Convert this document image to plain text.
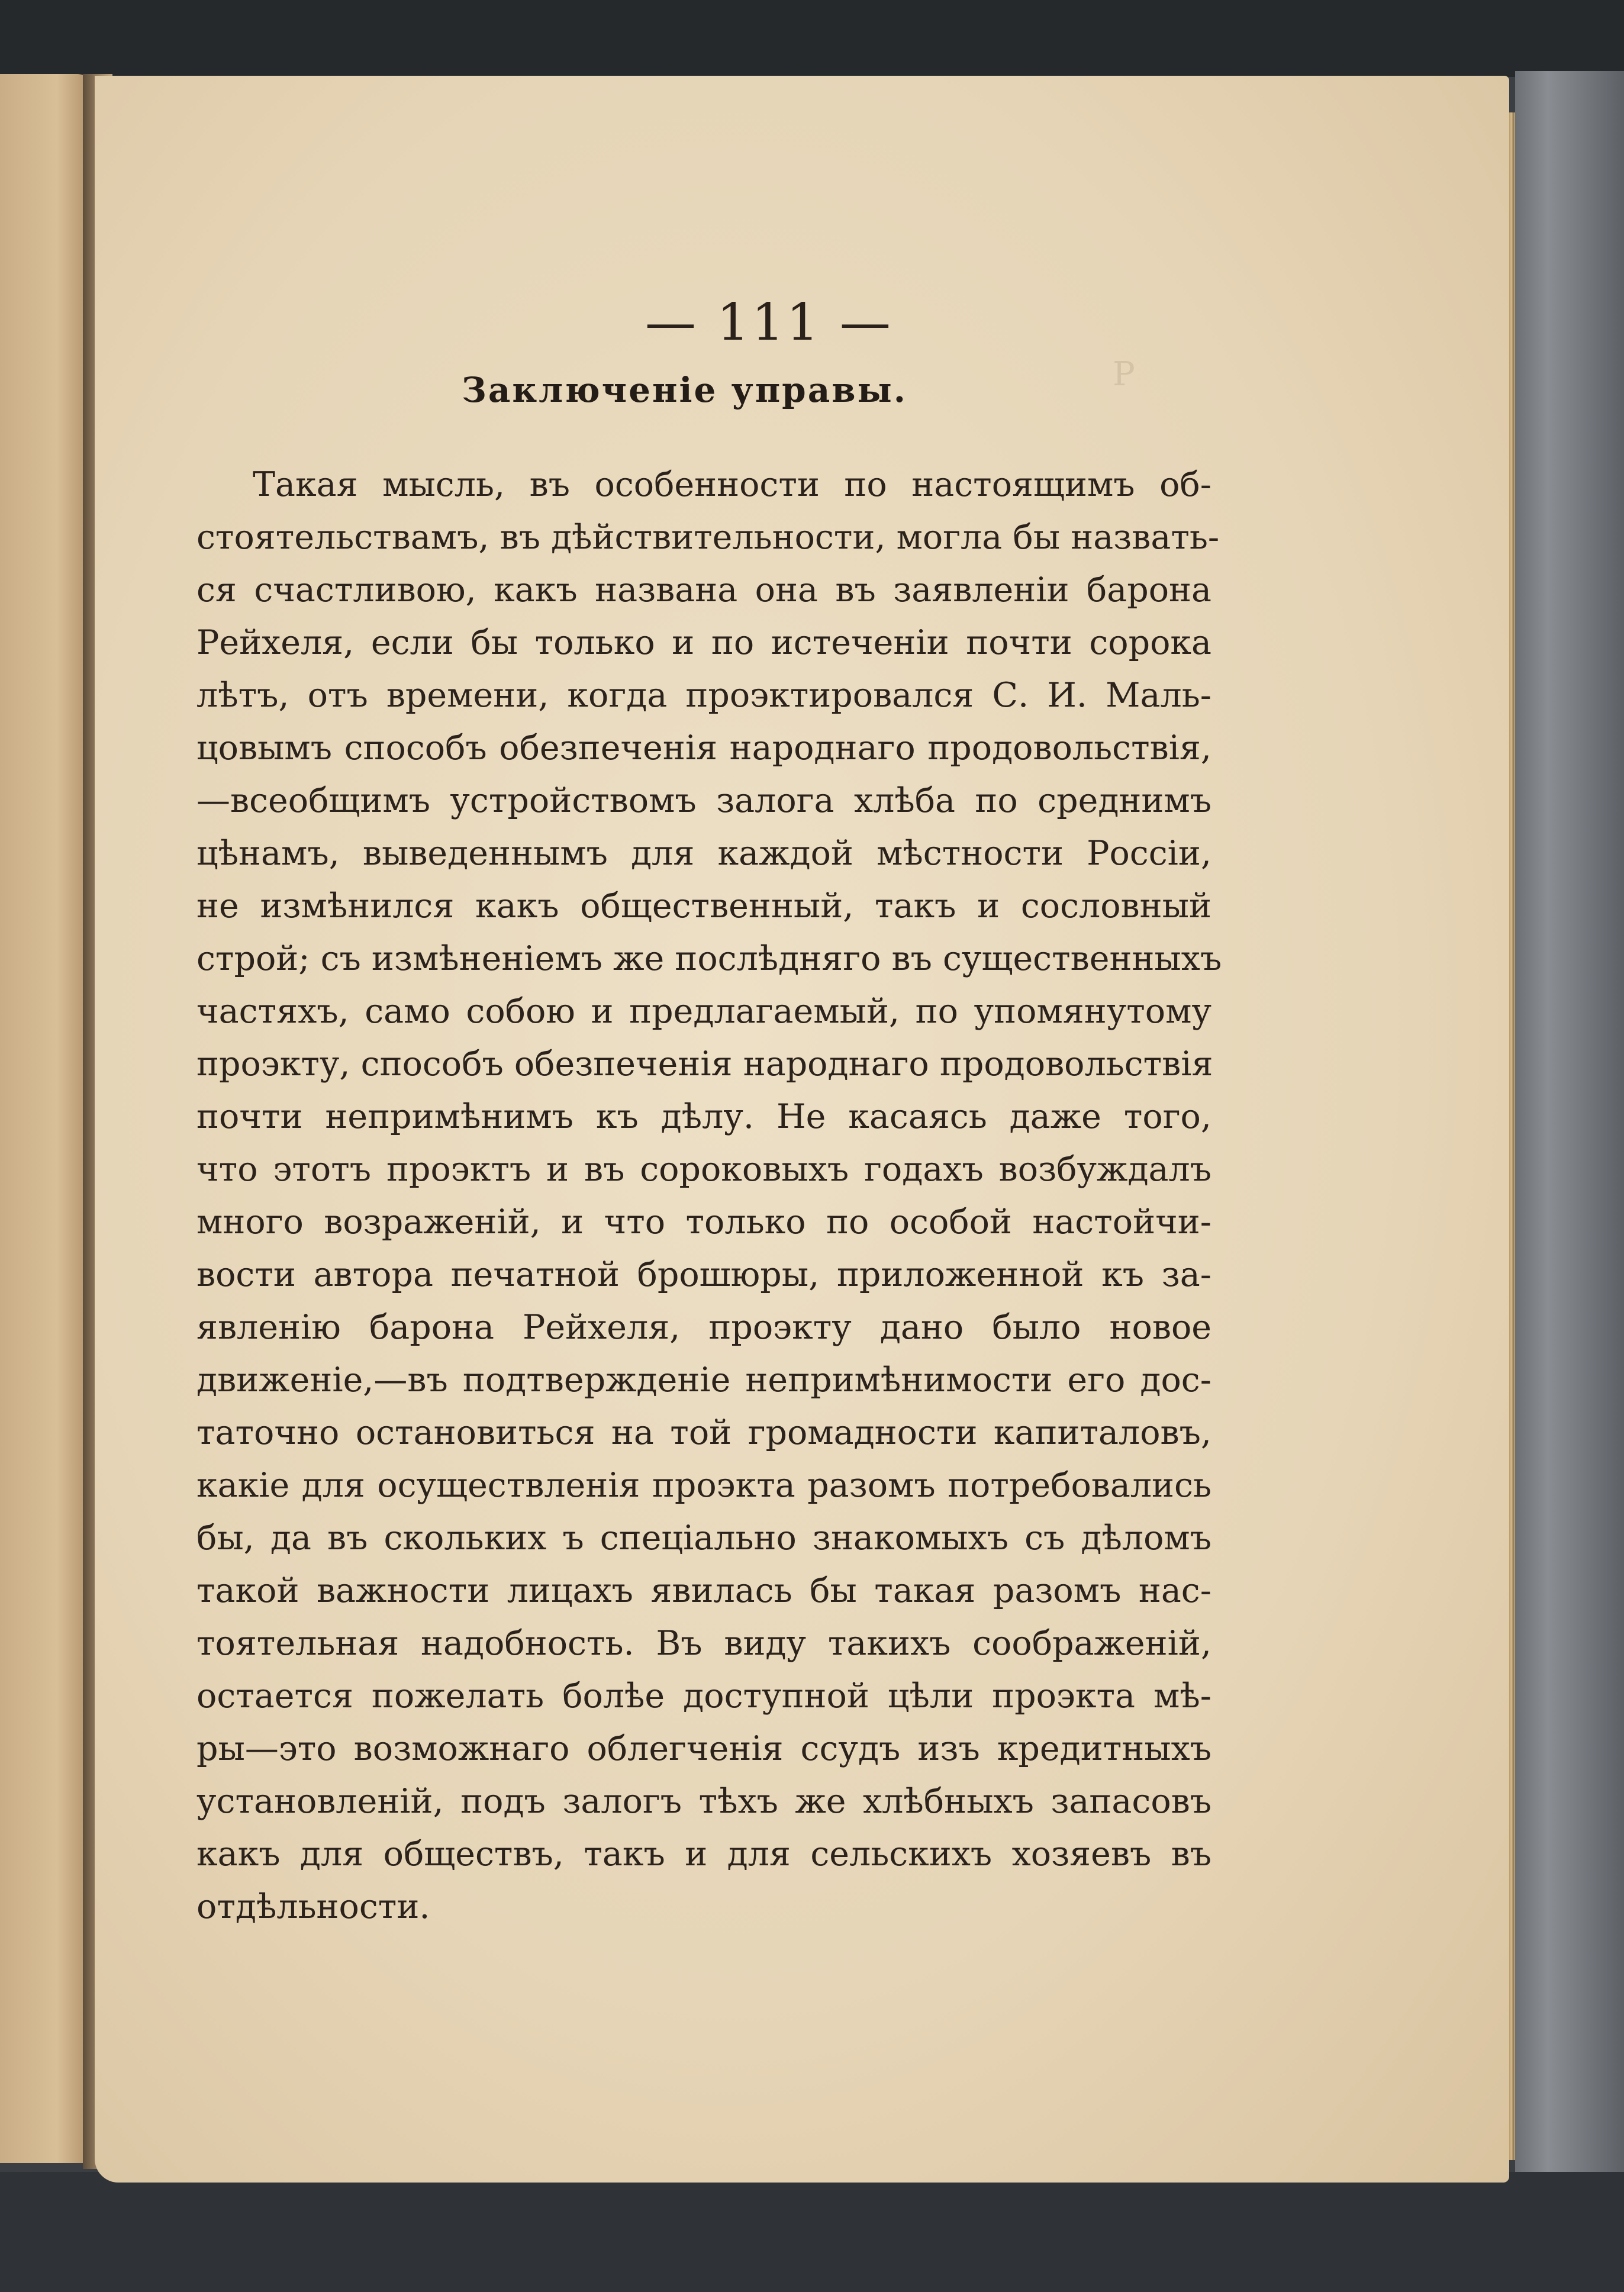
ꟼ
— 111 —
Заключеніе управы.
Такая мысль, въ особенности по настоящимъ об-
стоятельствамъ, въ дѣйствительности, могла бы назвать-
ся счастливою, какъ названа она въ заявленіи барона
Рейхеля, если бы только и по истеченіи почти сорока
лѣтъ, отъ времени, когда проэктировался С. И. Маль-
цовымъ способъ обезпеченія народнаго продовольствія,
—всеобщимъ устройствомъ залога хлѣба по среднимъ
цѣнамъ, выведеннымъ для каждой мѣстности Россіи,
не измѣнился какъ общественный, такъ и сословный
строй; съ измѣненіемъ же послѣдняго въ существенныхъ
частяхъ, само собою и предлагаемый, по упомянутому
проэкту, способъ обезпеченія народнаго продовольствія
почти непримѣнимъ къ дѣлу. Не касаясь даже того,
что этотъ проэктъ и въ сороковыхъ годахъ возбуждалъ
много возраженій, и что только по особой настойчи-
вости автора печатной брошюры, приложенной къ за-
явленію барона Рейхеля, проэкту дано было новое
движеніе,—въ подтвержденіе непримѣнимости его дос-
таточно остановиться на той громадности капиталовъ,
какіе для осуществленія проэкта разомъ потребовались
бы, да въ скольких ъ спеціально знакомыхъ съ дѣломъ
такой важности лицахъ явилась бы такая разомъ нас-
тоятельная надобность. Въ виду такихъ соображеній,
остается пожелать болѣе доступной цѣли проэкта мѣ-
ры—это возможнаго облегченія ссудъ изъ кредитныхъ
установленій, подъ залогъ тѣхъ же хлѣбныхъ запасовъ
какъ для обществъ, такъ и для сельскихъ хозяевъ въ
отдѣльности.
